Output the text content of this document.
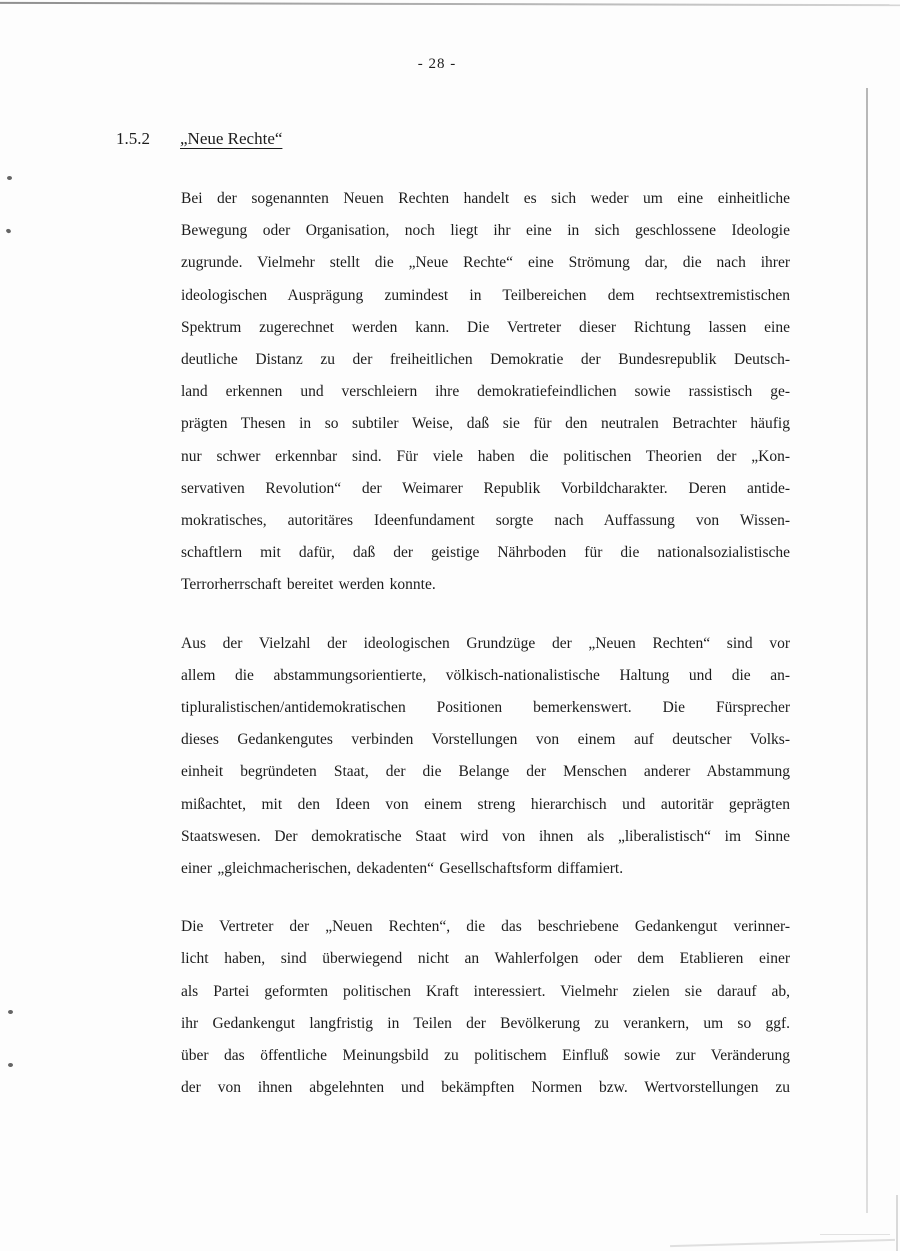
- 28 -
1.5.2 „Neue Rechte“
Bei der sogenannten Neuen Rechten handelt es sich weder um eine einheitliche
Bewegung oder Organisation, noch liegt ihr eine in sich geschlossene Ideologie
zugrunde. Vielmehr stellt die „Neue Rechte“ eine Strömung dar, die nach ihrer
ideologischen Ausprägung zumindest in Teilbereichen dem rechtsextremistischen
Spektrum zugerechnet werden kann. Die Vertreter dieser Richtung lassen eine
deutliche Distanz zu der freiheitlichen Demokratie der Bundesrepublik Deutsch-
land erkennen und verschleiern ihre demokratiefeindlichen sowie rassistisch ge-
prägten Thesen in so subtiler Weise, daß sie für den neutralen Betrachter häufig
nur schwer erkennbar sind. Für viele haben die politischen Theorien der „Kon-
servativen Revolution“ der Weimarer Republik Vorbildcharakter. Deren antide-
mokratisches, autoritäres Ideenfundament sorgte nach Auffassung von Wissen-
schaftlern mit dafür, daß der geistige Nährboden für die nationalsozialistische
Terrorherrschaft bereitet werden konnte.
Aus der Vielzahl der ideologischen Grundzüge der „Neuen Rechten“ sind vor
allem die abstammungsorientierte, völkisch-nationalistische Haltung und die an-
tipluralistischen/antidemokratischen Positionen bemerkenswert. Die Fürsprecher
dieses Gedankengutes verbinden Vorstellungen von einem auf deutscher Volks-
einheit begründeten Staat, der die Belange der Menschen anderer Abstammung
mißachtet, mit den Ideen von einem streng hierarchisch und autoritär geprägten
Staatswesen. Der demokratische Staat wird von ihnen als „liberalistisch“ im Sinne
einer „gleichmacherischen, dekadenten“ Gesellschaftsform diffamiert.
Die Vertreter der „Neuen Rechten“, die das beschriebene Gedankengut verinner-
licht haben, sind überwiegend nicht an Wahlerfolgen oder dem Etablieren einer
als Partei geformten politischen Kraft interessiert. Vielmehr zielen sie darauf ab,
ihr Gedankengut langfristig in Teilen der Bevölkerung zu verankern, um so ggf.
über das öffentliche Meinungsbild zu politischem Einfluß sowie zur Veränderung
der von ihnen abgelehnten und bekämpften Normen bzw. Wertvorstellungen zu
